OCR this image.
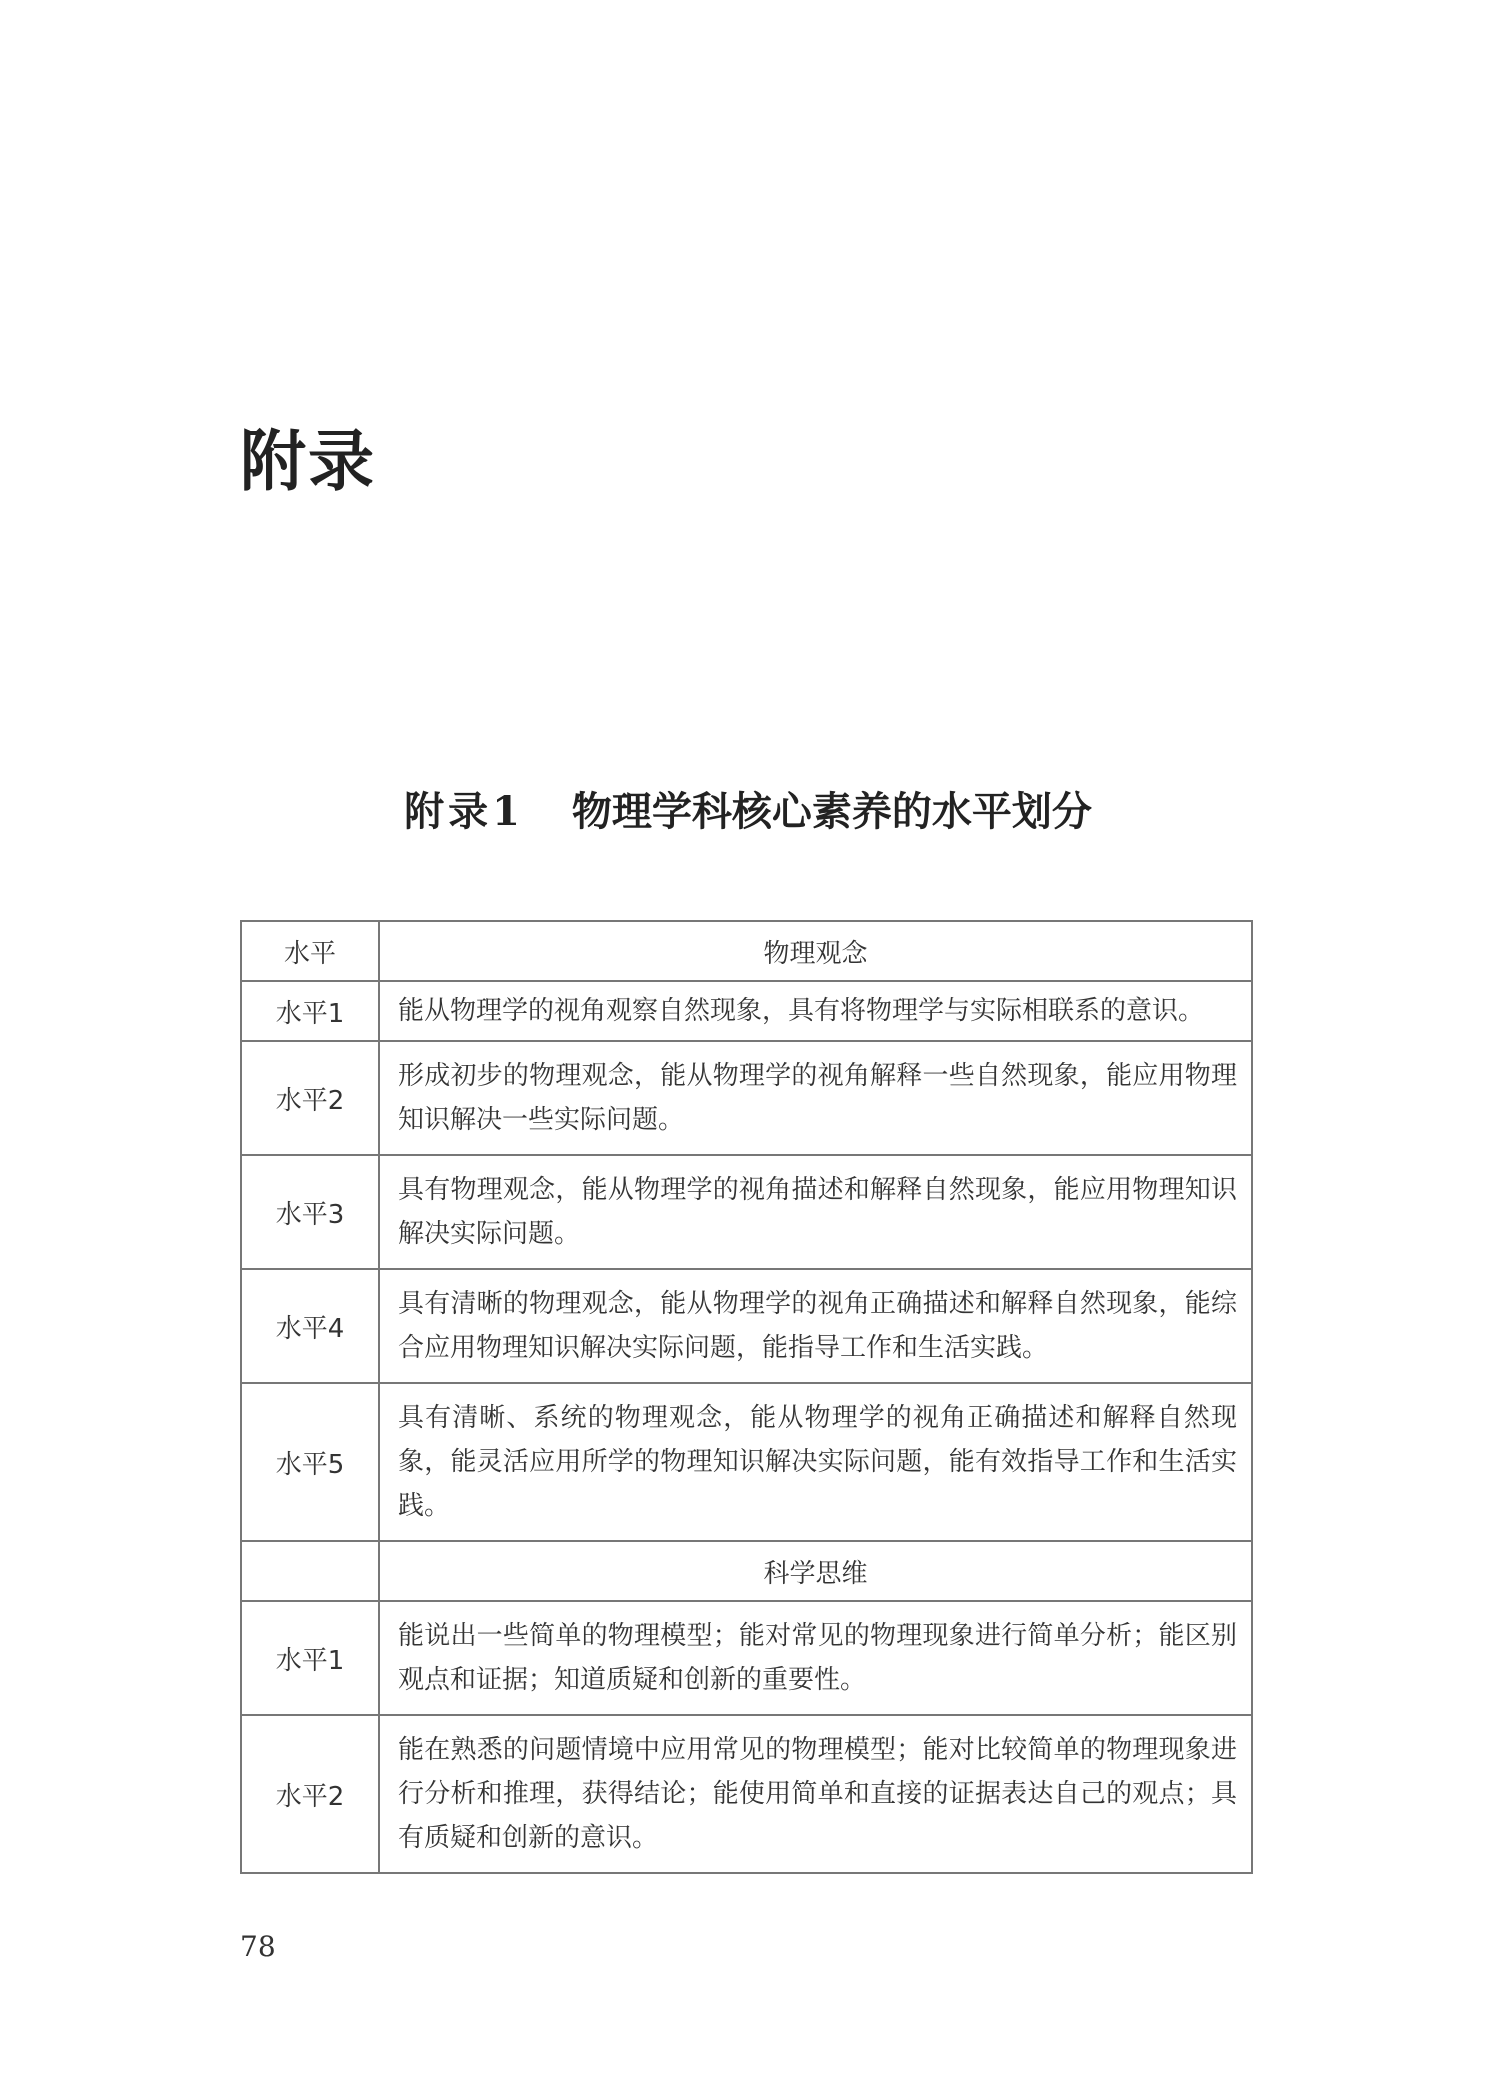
附录
附录1   物理学科核心素养的水平划分
水平	物理观念
水平1	能从物理学的视角观察自然现象，具有将物理学与实际相联系的意识。
水平2	形成初步的物理观念，能从物理学的视角解释一些自然现象，能应用物理知识解决一些实际问题。
水平3	具有物理观念，能从物理学的视角描述和解释自然现象，能应用物理知识解决实际问题。
水平4	具有清晰的物理观念，能从物理学的视角正确描述和解释自然现象，能综合应用物理知识解决实际问题，能指导工作和生活实践。
水平5	具有清晰、系统的物理观念，能从物理学的视角正确描述和解释自然现象，能灵活应用所学的物理知识解决实际问题，能有效指导工作和生活实践。
	科学思维
水平1	能说出一些简单的物理模型；能对常见的物理现象进行简单分析；能区别观点和证据；知道质疑和创新的重要性。
水平2	能在熟悉的问题情境中应用常见的物理模型；能对比较简单的物理现象进行分析和推理，获得结论；能使用简单和直接的证据表达自己的观点；具有质疑和创新的意识。

78
